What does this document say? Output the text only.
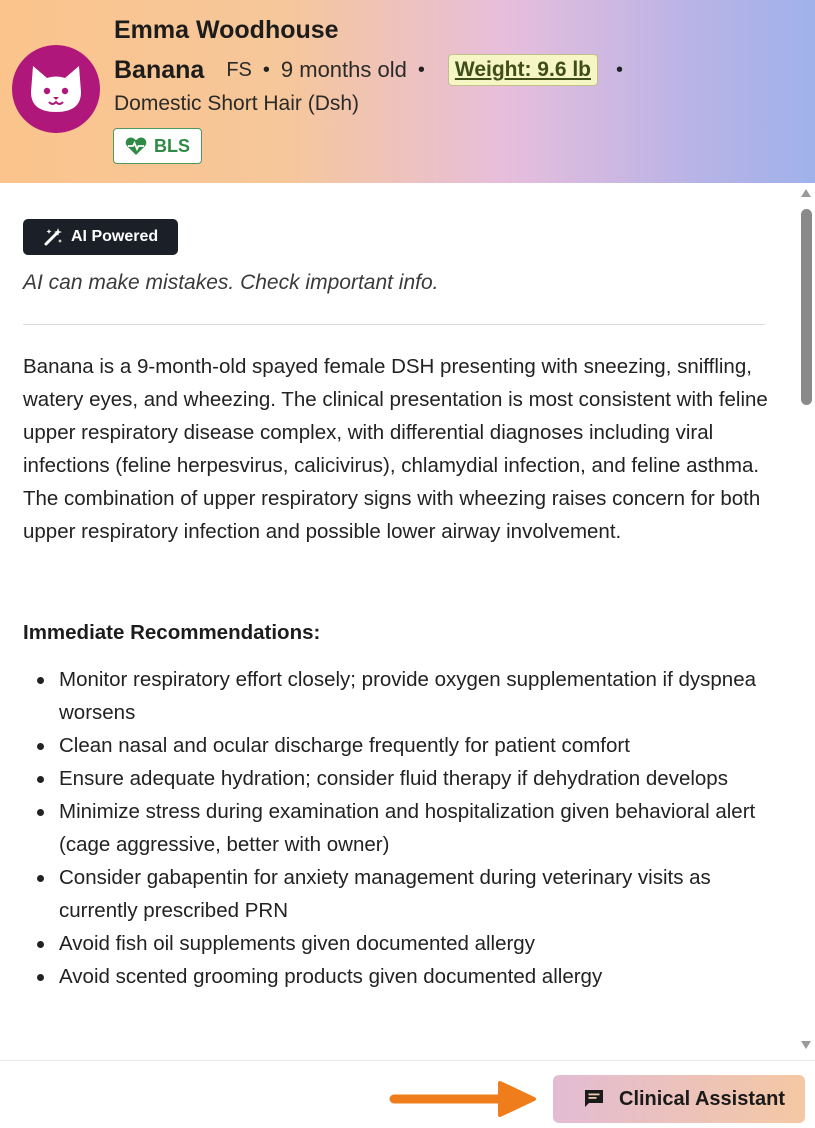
Emma Woodhouse
Banana FS • 9 months old •	Weight: 9.6 lb	•
Domestic Short Hair (Dsh)
BLS
AI Powered
AI can make mistakes. Check important info.

Banana is a 9-month-old spayed female DSH presenting with sneezing, sniffling, watery eyes, and wheezing. The clinical presentation is most consistent with feline upper respiratory disease complex, with differential diagnoses including viral infections (feline herpesvirus, calicivirus), chlamydial infection, and feline asthma. The combination of upper respiratory signs with wheezing raises concern for both upper respiratory infection and possible lower airway involvement.

Immediate Recommendations:
Monitor respiratory effort closely; provide oxygen supplementation if dyspnea worsens
Clean nasal and ocular discharge frequently for patient comfort
Ensure adequate hydration; consider fluid therapy if dehydration develops
Minimize stress during examination and hospitalization given behavioral alert (cage aggressive, better with owner)
Consider gabapentin for anxiety management during veterinary visits as currently prescribed PRN
Avoid fish oil supplements given documented allergy
Avoid scented grooming products given documented allergy
Clinical Assistant
